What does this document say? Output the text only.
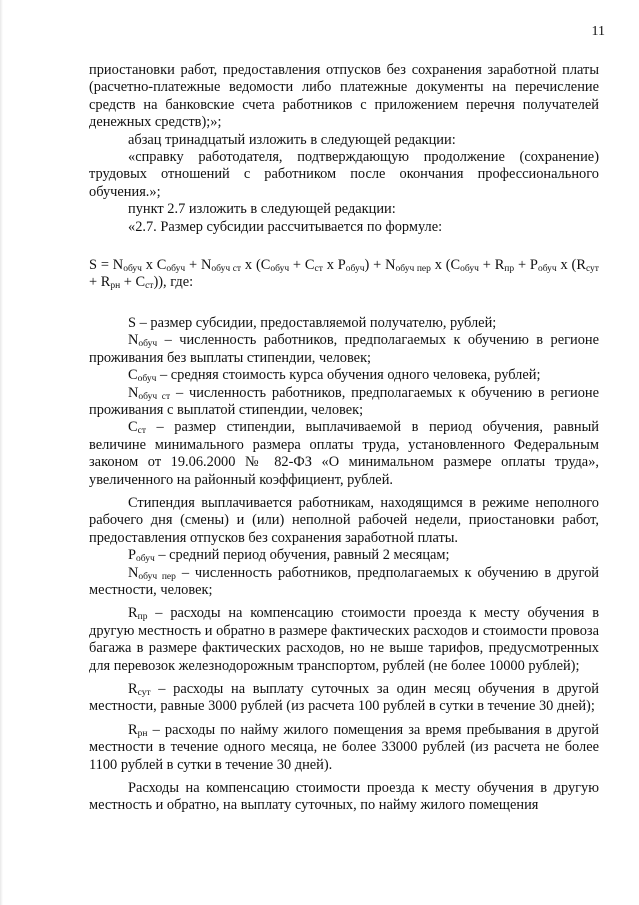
11

приостановки работ, предоставления отпусков без сохранения заработной платы (расчетно-платежные ведомости либо платежные документы на перечисление средств на банковские счета работников с приложением перечня получателей денежных средств);»;

абзац тринадцатый изложить в следующей редакции:

«справку работодателя, подтверждающую продолжение (сохранение) трудовых отношений с работником после окончания профессионального обучения.»;

пункт 2.7 изложить в следующей редакции:

«2.7. Размер субсидии рассчитывается по формуле:

$S = N_{обуч}$ x $C_{обуч} + N_{обуч ст}$ x ($C_{обуч} + C_{ст}$ x $P_{обуч}) + N_{обуч пер}$ x ($C_{обуч} + R_{пр} + P_{обуч}$ x $(R_{сут} + R_{рн} + C_{ст})$), где:

S – размер субсидии, предоставляемой получателю, рублей;

$N_{обуч}$ – численность работников, предполагаемых к обучению в регионе проживания без выплаты стипендии, человек;

$C_{обуч}$ – средняя стоимость курса обучения одного человека, рублей;

$N_{обуч ст}$ – численность работников, предполагаемых к обучению в регионе проживания с выплатой стипендии, человек;

$C_{ст}$ – размер стипендии, выплачиваемой в период обучения, равный величине минимального размера оплаты труда, установленного Федеральным законом от 19.06.2000 № 82-ФЗ «О минимальном размере оплаты труда», увеличенного на районный коэффициент, рублей.

Стипендия выплачивается работникам, находящимся в режиме неполного рабочего дня (смены) и (или) неполной рабочей недели, приостановки работ, предоставления отпусков без сохранения заработной платы.

$P_{обуч}$ – средний период обучения, равный 2 месяцам;

$N_{обуч пер}$ – численность работников, предполагаемых к обучению в другой местности, человек;

$R_{пр}$ – расходы на компенсацию стоимости проезда к месту обучения в другую местность и обратно в размере фактических расходов и стоимости провоза багажа в размере фактических расходов, но не выше тарифов, предусмотренных для перевозок железнодорожным транспортом, рублей (не более 10000 рублей);

$R_{сут}$ – расходы на выплату суточных за один месяц обучения в другой местности, равные 3000 рублей (из расчета 100 рублей в сутки в течение 30 дней);

$R_{рн}$ – расходы по найму жилого помещения за время пребывания в другой местности в течение одного месяца, не более 33000 рублей (из расчета не более 1100 рублей в сутки в течение 30 дней).

Расходы на компенсацию стоимости проезда к месту обучения в другую местность и обратно, на выплату суточных, по найму жилого помещения
